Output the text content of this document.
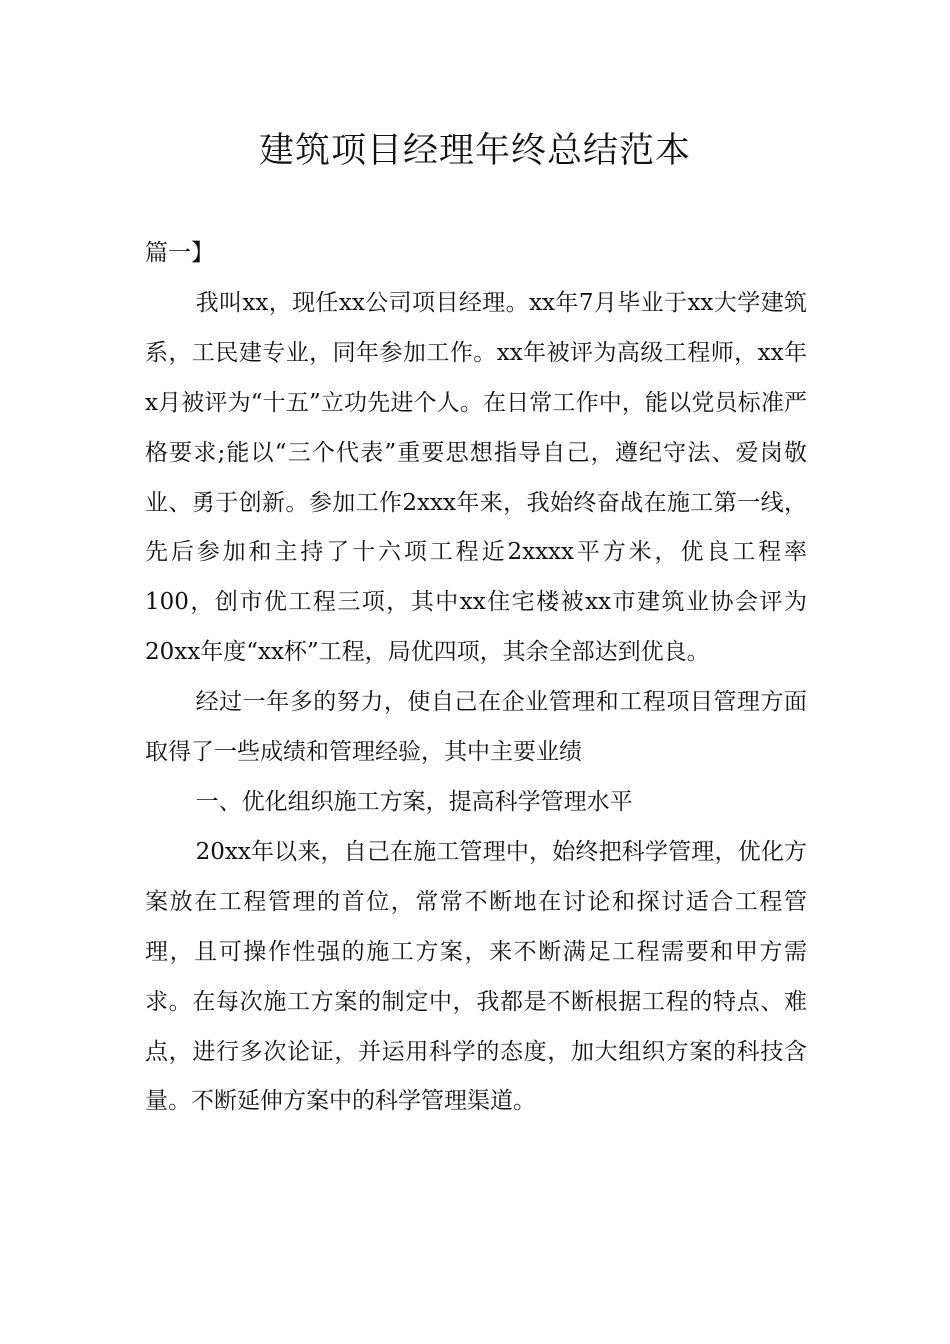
建筑项目经理年终总结范本

篇一】

我叫xx，现任xx公司项目经理。xx年7月毕业于xx大学建筑系，工民建专业，同年参加工作。xx年被评为高级工程师，xx年x月被评为“十五”立功先进个人。在日常工作中，能以党员标准严格要求;能以“三个代表”重要思想指导自己，遵纪守法、爱岗敬业、勇于创新。参加工作2xxx年来，我始终奋战在施工第一线，先后参加和主持了十六项工程近2xxxx平方米，优良工程率100，创市优工程三项，其中xx住宅楼被xx市建筑业协会评为20xx年度“xx杯”工程，局优四项，其余全部达到优良。

经过一年多的努力，使自己在企业管理和工程项目管理方面取得了一些成绩和管理经验，其中主要业绩

一、优化组织施工方案，提高科学管理水平

20xx年以来，自己在施工管理中，始终把科学管理，优化方案放在工程管理的首位，常常不断地在讨论和探讨适合工程管理，且可操作性强的施工方案，来不断满足工程需要和甲方需求。在每次施工方案的制定中，我都是不断根据工程的特点、难点，进行多次论证，并运用科学的态度，加大组织方案的科技含量。不断延伸方案中的科学管理渠道。
